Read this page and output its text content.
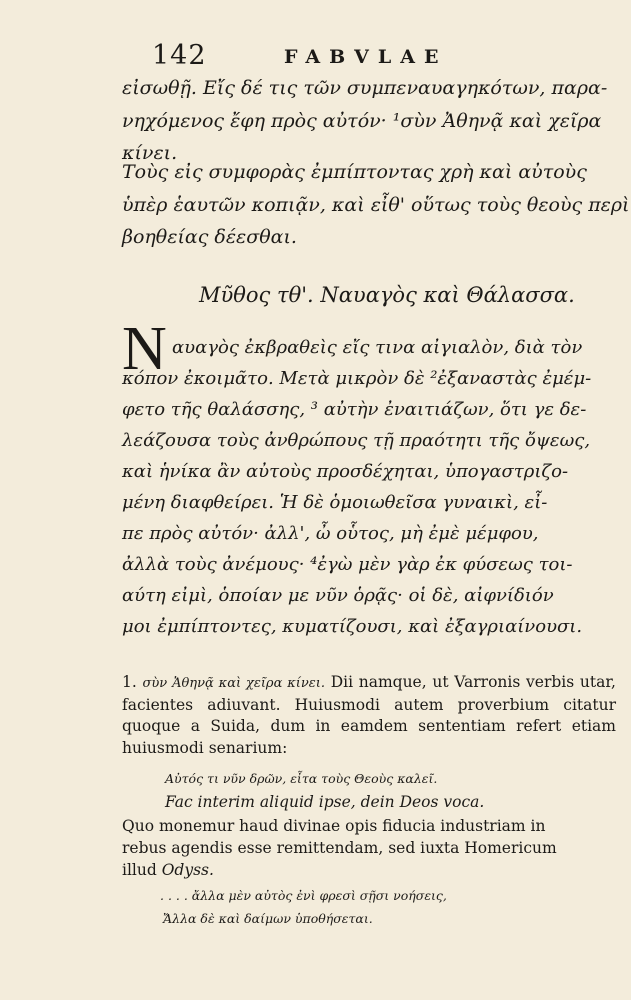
142	FABVLAE
εἰσωθῇ. Εἴς δέ τις τῶν συμπεναυαγηκότων, παρα-
νηχόμενος ἔφη πρὸς αὐτόν· ¹σὺν Ἀθηνᾷ καὶ χεῖρα
κίνει.
Τοὺς εἰς συμφορὰς ἐμπίπτοντας χρὴ καὶ αὐτοὺς
ὑπὲρ ἑαυτῶν κοπιᾷν, καὶ εἶθ' οὕτως τοὺς θεοὺς περὶ
βοηθείας δέεσθαι.
Μῦθος τθ'. Ναυαγὸς καὶ Θάλασσα.
N αυαγὸς ἐκβραθεὶς εἴς τινα αἰγιαλὸν, διὰ τὸν
κόπον ἐκοιμᾶτο. Μετὰ μικρὸν δὲ ²ἐξαναστὰς ἐμέμ-
φετο τῆς θαλάσσης, ³ αὐτὴν ἐναιτιάζων, ὅτι γε δε-
λεάζουσα τοὺς ἀνθρώπους τῇ πραότητι τῆς ὄψεως,
καὶ ἡνίκα ἂν αὐτοὺς προσδέχηται, ὑπογαστριζο-
μένη διαφθείρει. Ἡ δὲ ὁμοιωθεῖσα γυναικὶ, εἶ-
πε πρὸς αὐτόν· ἀλλ', ὦ οὗτος, μὴ ἐμὲ μέμφου,
ἀλλὰ τοὺς ἀνέμους· ⁴ἐγὼ μὲν γὰρ ἐκ φύσεως τοι-
αύτη εἰμὶ, ὁποίαν με νῦν ὁρᾷς· οἱ δὲ, αἰφνίδιόν
μοι ἐμπίπτοντες, κυματίζουσι, καὶ ἐξαγριαίνουσι.

1. σὺν Ἀθηνᾷ καὶ χεῖρα κίνει. Dii namque, ut Varronis verbis utar, facientes adiuvant. Huiusmodi autem proverbium citatur quoque a Suida, dum in eamdem sententiam refert etiam huiusmodi senarium:

Αὐτός τι νῦν δρῶν, εἶτα τοὺς Θεοὺς καλεῖ.
Fac interim aliquid ipse, dein Deos voca.
Quo monemur haud divinae opis fiducia industriam in
rebus agendis esse remittendam, sed iuxta Homericum
illud Odyss.
. . . . ἄλλα μὲν αὐτὸς ἐνὶ φρεσὶ σῇσι νοήσεις,
Ἄλλα δὲ καὶ δαίμων ὑποθήσεται.
